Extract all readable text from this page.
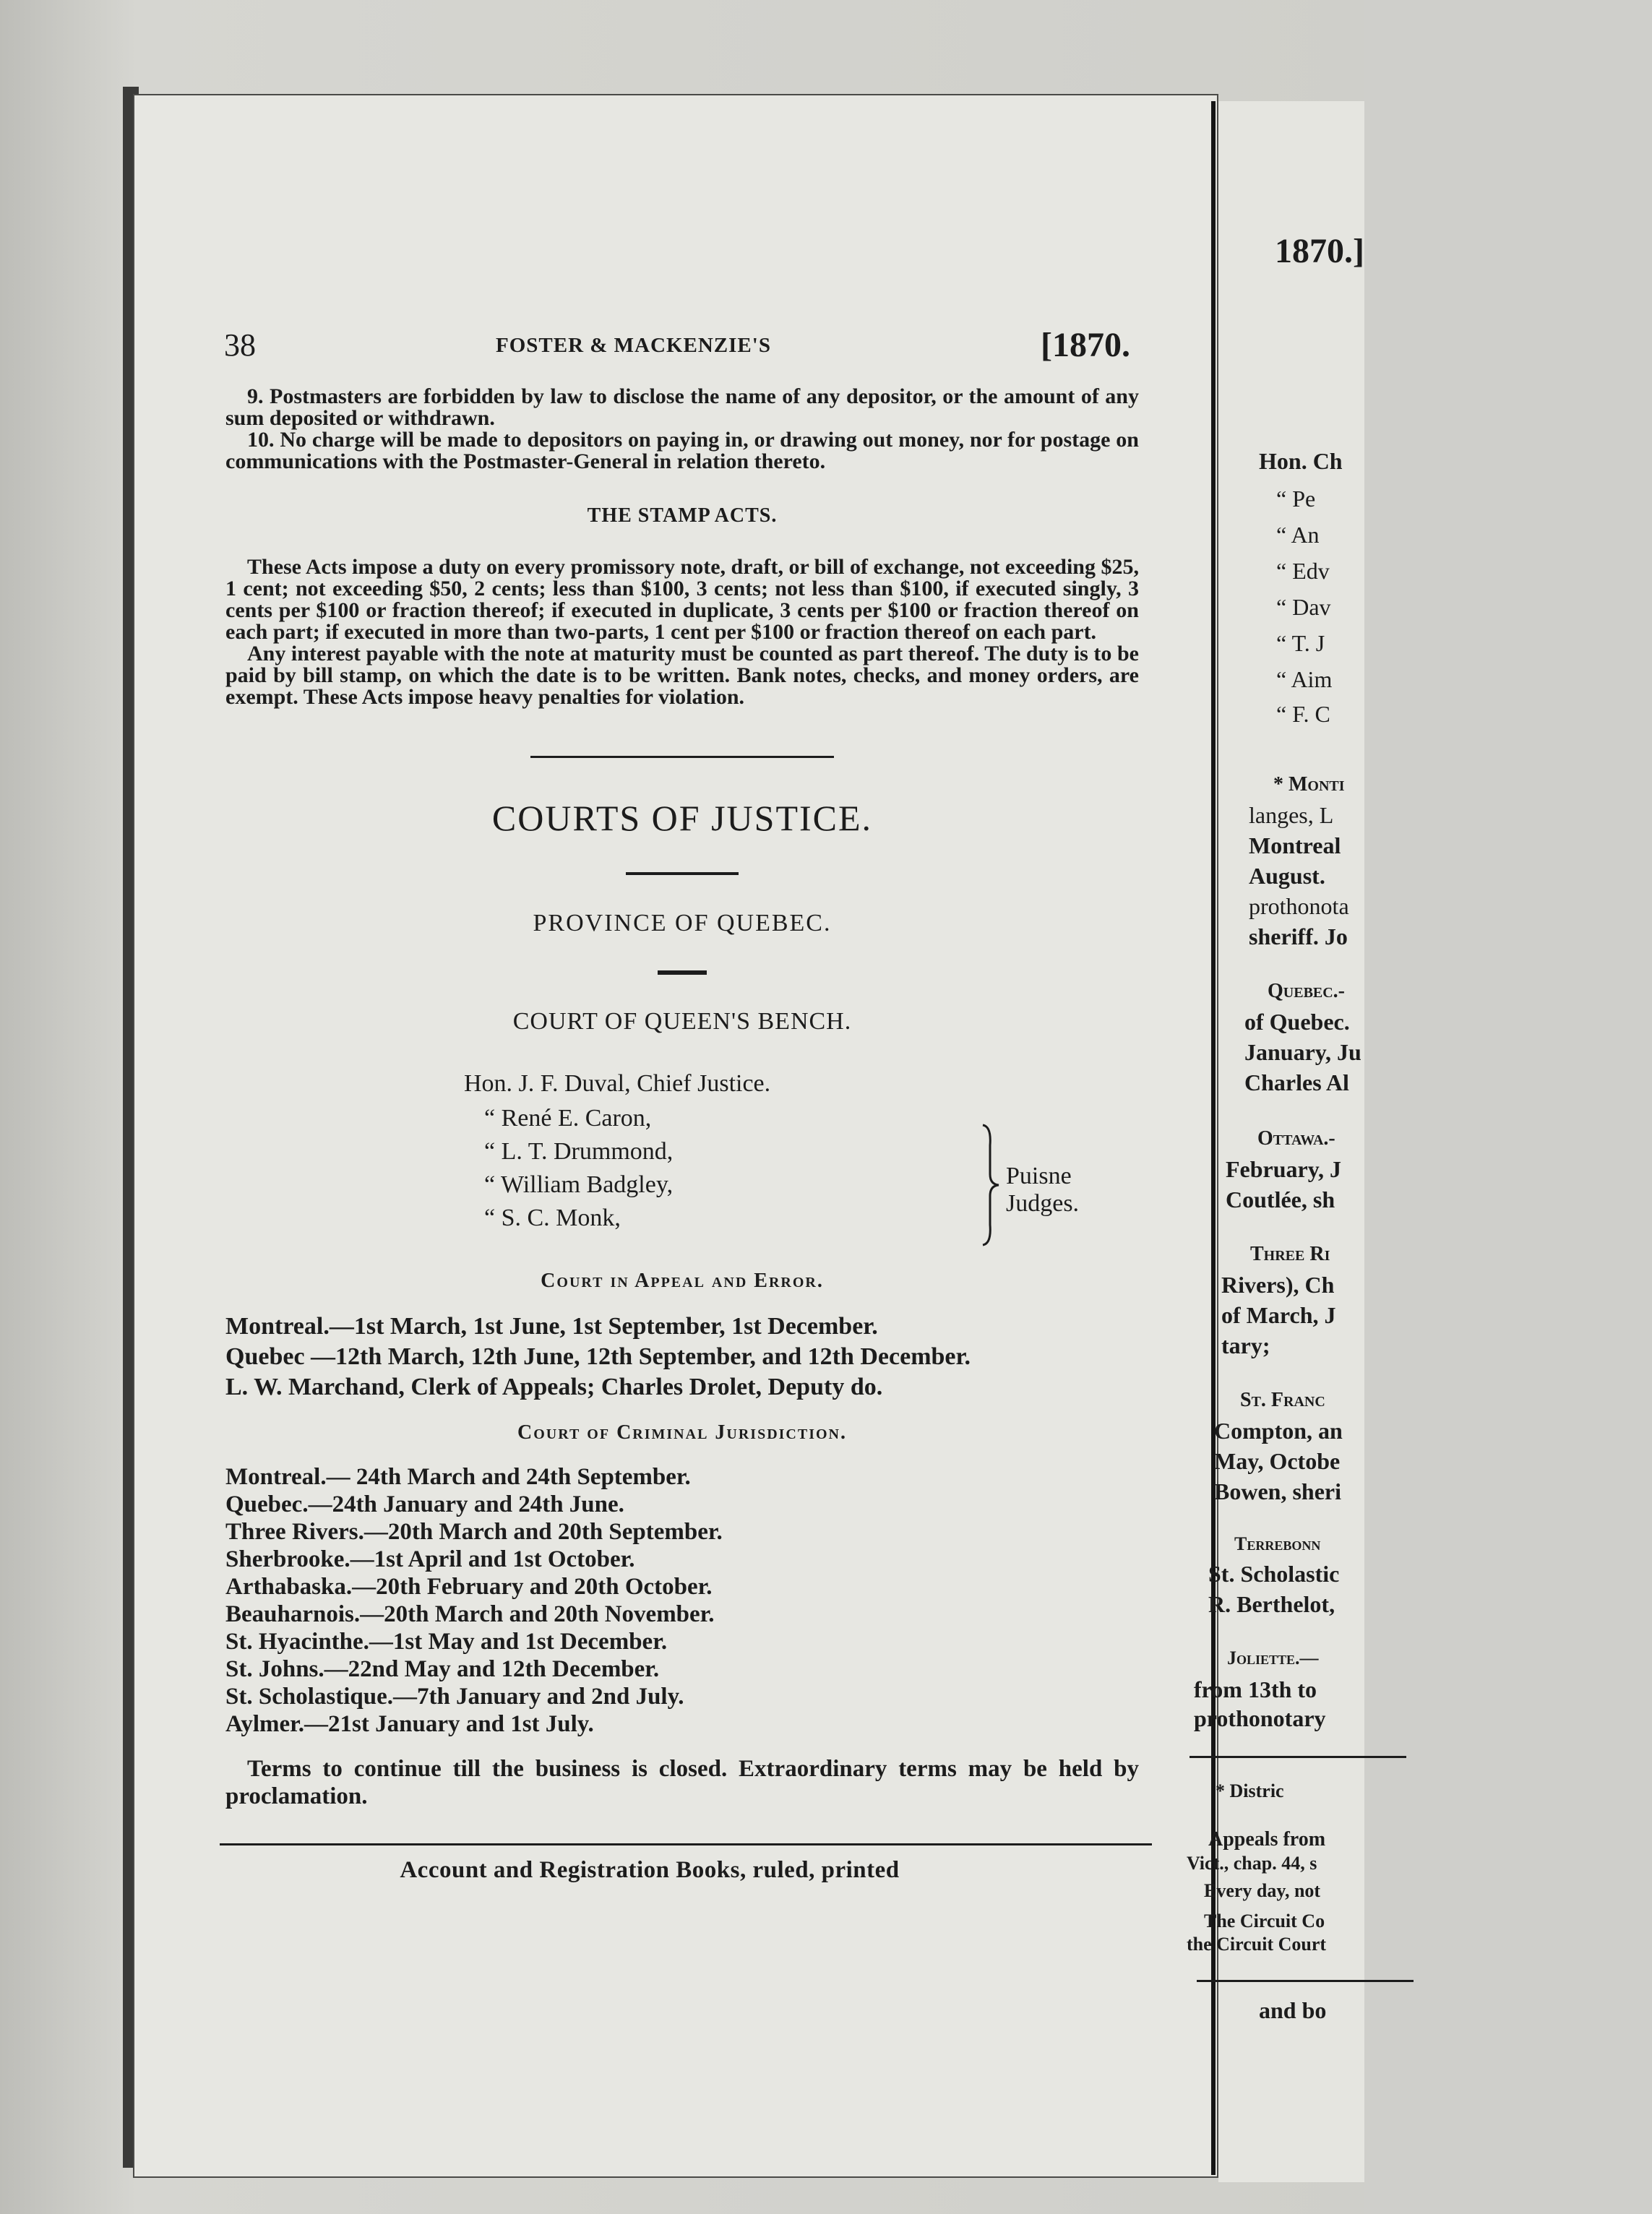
38	FOSTER & MACKENZIE'S	[1870.

9. Postmasters are forbidden by law to disclose the name of any depositor, or the amount of any sum deposited or withdrawn.

10. No charge will be made to depositors on paying in, or drawing out money, nor for postage on communications with the Postmaster-General in relation thereto.

THE STAMP ACTS.

These Acts impose a duty on every promissory note, draft, or bill of exchange, not exceeding $25, 1 cent; not exceeding $50, 2 cents; less than $100, 3 cents; not less than $100, if executed singly, 3 cents per $100 or fraction thereof; if executed in duplicate, 3 cents per $100 or fraction thereof on each part; if executed in more than two-parts, 1 cent per $100 or fraction thereof on each part.

Any interest payable with the note at maturity must be counted as part thereof. The duty is to be paid by bill stamp, on which the date is to be written. Bank notes, checks, and money orders, are exempt. These Acts impose heavy penalties for violation.

COURTS OF JUSTICE.
PROVINCE OF QUEBEC.
COURT OF QUEEN'S BENCH.
Hon. J. F. Duval, Chief Justice.
“ René E. Caron,
“ L. T. Drummond,
“ William Badgley,
“ S. C. Monk,
Puisne Judges.
Court in Appeal and Error.

Montreal.—1st March, 1st June, 1st September, 1st December.

Quebec —12th March, 12th June, 12th September, and 12th December.

L. W. Marchand, Clerk of Appeals; Charles Drolet, Deputy do.

Court of Criminal Jurisdiction.

Montreal.— 24th March and 24th September.

Quebec.—24th January and 24th June.

Three Rivers.—20th March and 20th September.

Sherbrooke.—1st April and 1st October.

Arthabaska.—20th February and 20th October.

Beauharnois.—20th March and 20th November.

St. Hyacinthe.—1st May and 1st December.

St. Johns.—22nd May and 12th December.

St. Scholastique.—7th January and 2nd July.

Aylmer.—21st January and 1st July.

Terms to continue till the business is closed. Extraordinary terms may be held by proclamation.

Account and Registration Books, ruled, printed
1870.]
Hon. Ch
“ Pe
“ An
“ Edv
“ Dav
“ T. J
“ Aim
“ F. C
* Monti
langes, L
Montreal
August.
prothonota
sheriff. Jo
Quebec.-
of Quebec.
January, Ju
Charles Al
Ottawa.-
February, J
Coutlée, sh
Three Ri
Rivers), Ch
of March, J
tary;
St. Franc
Compton, an
May, Octobe
Bowen, sheri
Terrebonn
St. Scholastic
R. Berthelot,
Joliette.—
from 13th to
prothonotary
* Distric
Appeals from
Vict., chap. 44, s
Every day, not
The Circuit Co
the Circuit Court
and bo
